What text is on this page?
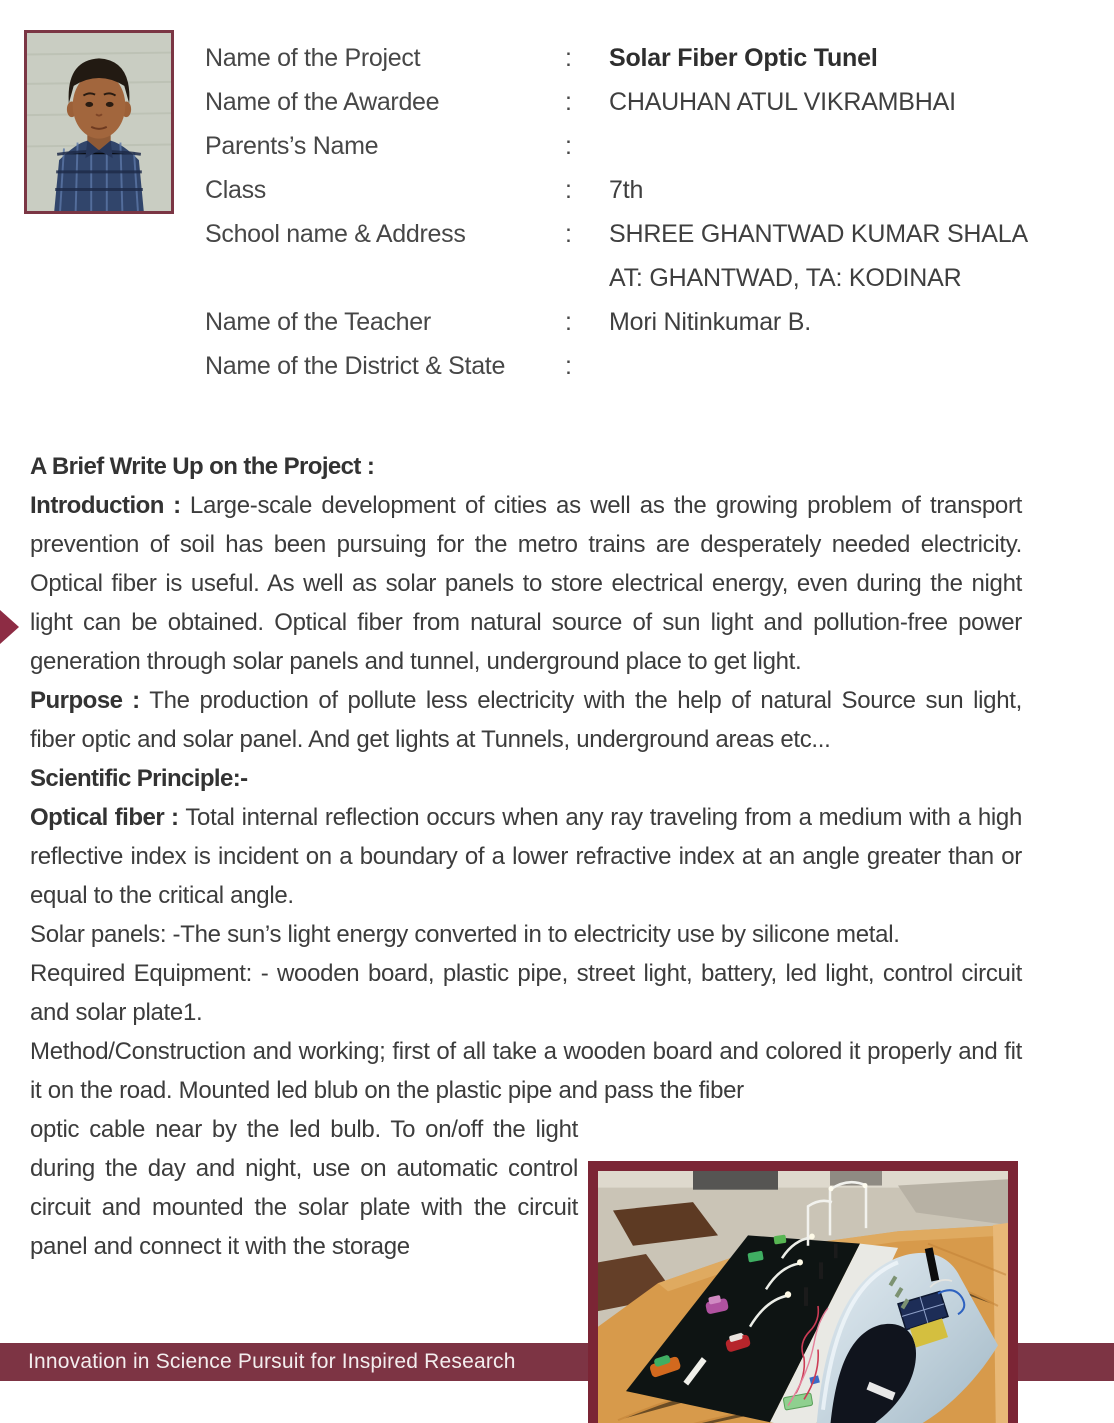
Name of the Project	:	Solar Fiber Optic Tunel
Name of the Awardee	:	CHAUHAN ATUL VIKRAMBHAI
Parents’s Name	:
Class	:	7th
School name & Address	:	SHREE GHANTWAD KUMAR SHALA
AT: GHANTWAD, TA: KODINAR
Name of the Teacher	:	Mori Nitinkumar B.
Name of the District & State	:

A Brief Write Up on the Project :

Introduction : Large-scale development of cities as well as the growing problem of transport prevention of soil has been pursuing for the metro trains are desperately needed electricity. Optical fiber is useful. As well as solar panels to store electrical energy, even during the night light can be obtained. Optical fiber from natural source of sun light and pollution-free power generation through solar panels and tunnel, underground place to get light.

Purpose : The production of pollute less electricity with the help of natural Source sun light, fiber optic and solar panel. And get lights at Tunnels, underground areas etc...

Scientific Principle:-

Optical fiber : Total internal reflection occurs when any ray traveling from a medium with a high reflective index is incident on a boundary of a lower refractive index at an angle greater than or equal to the critical angle.

Solar panels: -The sun’s light energy converted in to electricity use by silicone metal.

Required Equipment: - wooden board, plastic pipe, street light, battery, led light, control circuit and solar plate1.

Method/Construction and working; first of all take a wooden board and colored it properly and fit it on the road. Mounted led blub on the plastic pipe and pass the fiber

optic cable near by the led bulb. To on/off the light during the day and night, use on automatic control circuit and mounted the solar plate with the circuit panel and connect it with the storage

Innovation in Science Pursuit for Inspired Research
